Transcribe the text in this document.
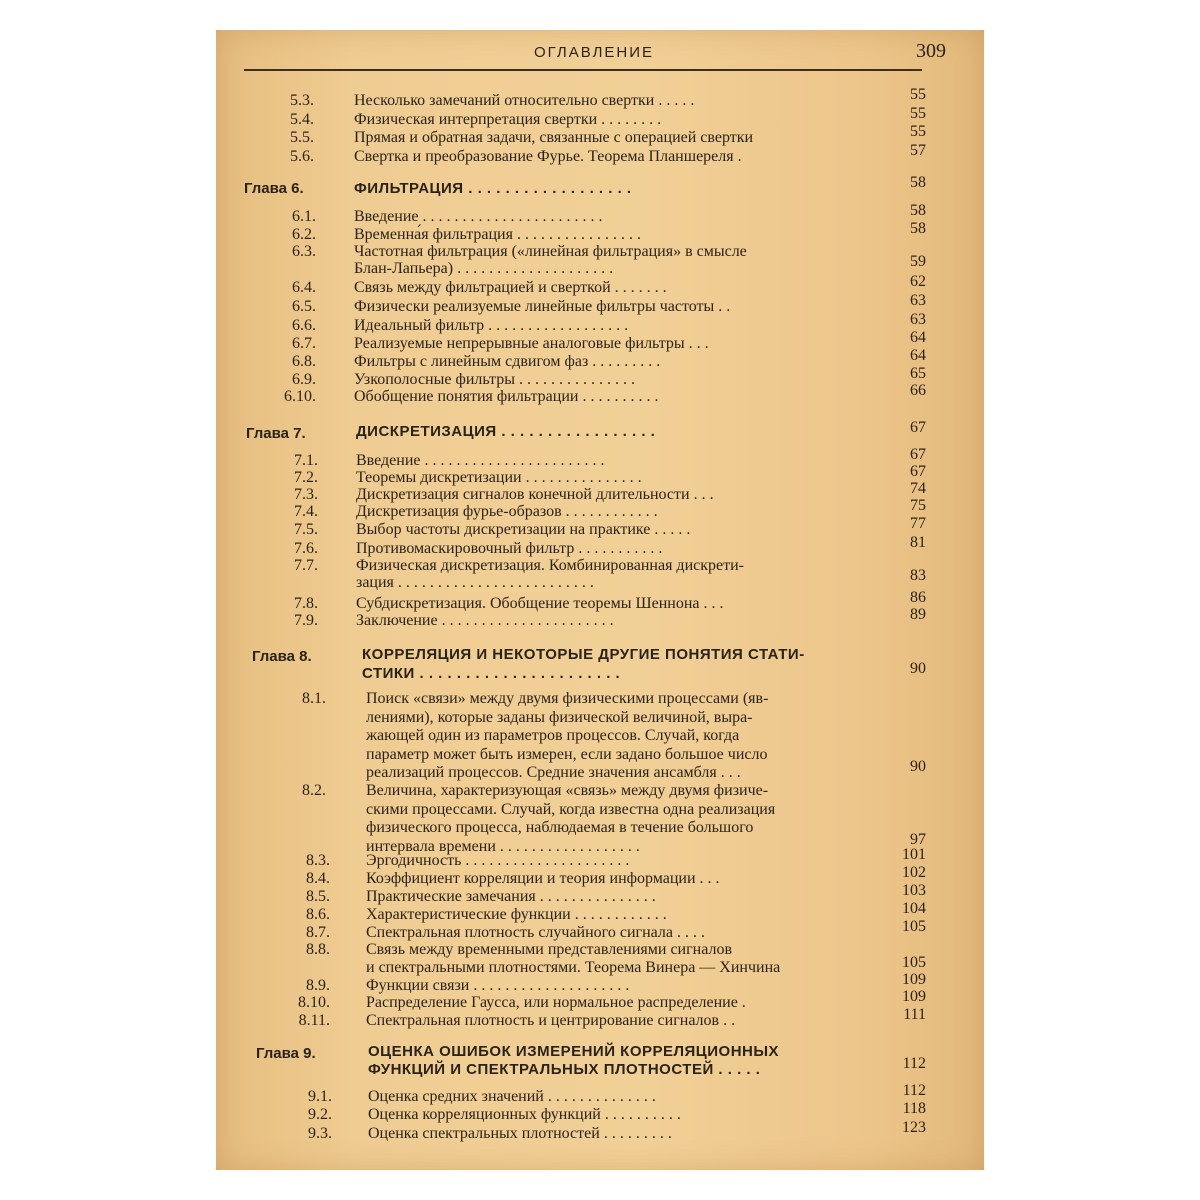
ОГЛАВЛЕНИЕ	309
5.3.	Несколько замечаний относительно свертки . . . . .	55
5.4.	Физическая интерпретация свертки . . . . . . . .	55
5.5.	Прямая и обратная задачи, связанные с операцией свертки	55
5.6.	Свертка и преобразование Фурье. Теорема Планшереля .	57
Глава 6.	ФИЛЬТРАЦИЯ . . . . . . . . . . . . . . . . . .	58
6.1. Введение . . . . . . . . . . . . . . . . . . . . . . .	58
6.2. Временна́я фильтрация . . . . . . . . . . . . . . . .	58
6.3. Частотная фильтрация («линейная фильтрация» в смысле
Блан-Лапьера) . . . . . . . . . . . . . . . . . . . .	59
6.4. Связь между фильтрацией и сверткой . . . . . . .	62
6.5. Физически реализуемые линейные фильтры частоты . .	63
6.6. Идеальный фильтр . . . . . . . . . . . . . . . . . .	63
6.7. Реализуемые непрерывные аналоговые фильтры . . .	64
6.8. Фильтры с линейным сдвигом фаз . . . . . . . . .	64
6.9. Узкополосные фильтры . . . . . . . . . . . . . . .	65
6.10. Обобщение понятия фильтрации . . . . . . . . . .	66
Глава 7.	ДИСКРЕТИЗАЦИЯ . . . . . . . . . . . . . . . . .	67
7.1. Введение . . . . . . . . . . . . . . . . . . . . . . .	67
7.2. Теоремы дискретизации . . . . . . . . . . . . . . .	67
7.3. Дискретизация сигналов конечной длительности . . .	74
7.4. Дискретизация фурье-образов . . . . . . . . . . . .	75
7.5. Выбор частоты дискретизации на практике . . . . .	77
7.6. Противомаскировочный фильтр . . . . . . . . . . .	81
7.7. Физическая дискретизация. Комбинированная дискрети-
зация . . . . . . . . . . . . . . . . . . . . . . . . .	83
7.8. Субдискретизация. Обобщение теоремы Шеннона . . .	86
7.9. Заключение . . . . . . . . . . . . . . . . . . . . . .	89
Глава 8.	КОРРЕЛЯЦИЯ И НЕКОТОРЫЕ ДРУГИЕ ПОНЯТИЯ СТАТИ-
СТИКИ . . . . . . . . . . . . . . . . . . . . . .	90
8.1.	Поиск «связи» между двумя физическими процессами (яв-
лениями), которые заданы физической величиной, выра-
жающей один из параметров процессов. Случай, когда
параметр может быть измерен, если задано большое число
реализаций процессов. Средние значения ансамбля . . .	90
8.2.	Величина, характеризующая «связь» между двумя физиче-
скими процессами. Случай, когда известна одна реализация
физического процесса, наблюдаемая в течение большого
интервала времени . . . . . . . . . . . . . . . . . .	97
8.3. Эргодичность . . . . . . . . . . . . . . . . . . . . .	101
8.4. Коэффициент корреляции и теория информации . . .	102
8.5. Практические замечания . . . . . . . . . . . . . . .	103
8.6. Характеристические функции . . . . . . . . . . . .	104
8.7. Спектральная плотность случайного сигнала . . . .	105
8.8. Связь между временными представлениями сигналов
и спектральными плотностями. Теорема Винера — Хинчина	105
8.9. Функции связи . . . . . . . . . . . . . . . . . . . .	109
8.10. Распределение Гаусса, или нормальное распределение .	109
8.11. Спектральная плотность и центрирование сигналов . .	111
Глава 9.	ОЦЕНКА ОШИБОК ИЗМЕРЕНИЙ КОРРЕЛЯЦИОННЫХ
ФУНКЦИЙ И СПЕКТРАЛЬНЫХ ПЛОТНОСТЕЙ . . . . .	112
9.1. Оценка средних значений . . . . . . . . . . . . . .	112
9.2. Оценка корреляционных функций . . . . . . . . . .	118
9.3. Оценка спектральных плотностей . . . . . . . . .	123
